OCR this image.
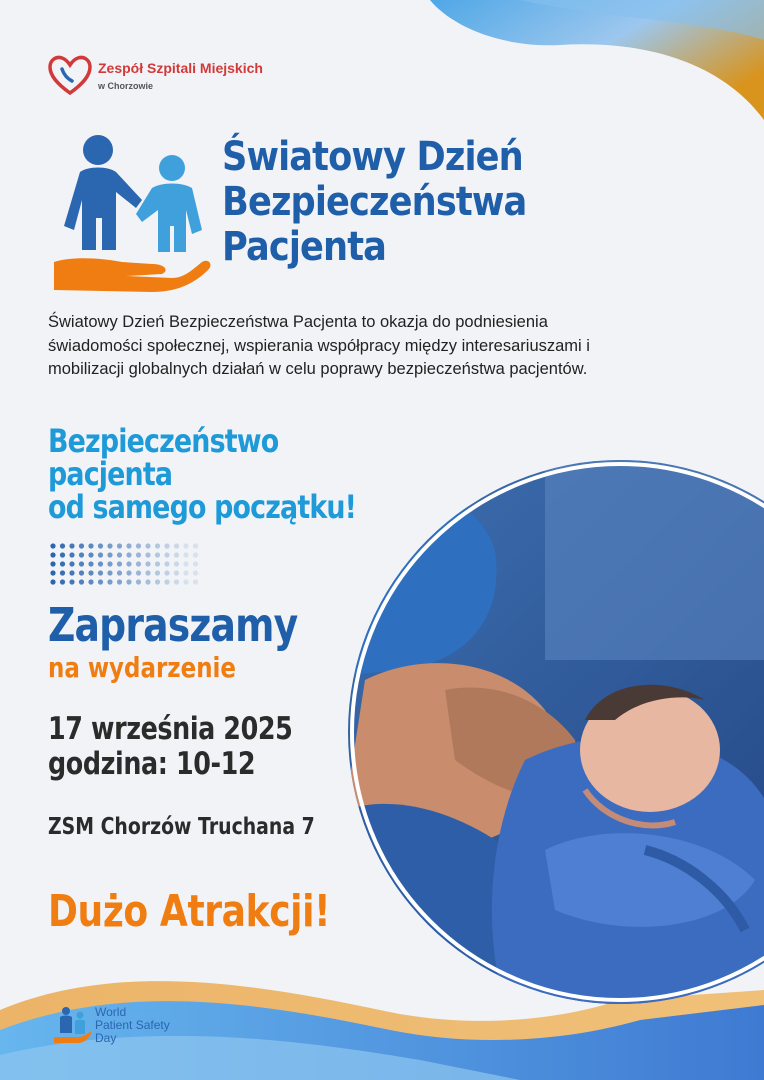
Zespół Szpitali Miejskich
w Chorzowie
Światowy Dzień
Bezpieczeństwa
Pacjenta

Światowy Dzień Bezpieczeństwa Pacjenta to okazja do podniesienia
świadomości społecznej, wspierania współpracy między interesariuszami i
mobilizacji globalnych działań w celu poprawy bezpieczeństwa pacjentów.

Bezpieczeństwo
pacjenta
od samego początku!
Zapraszamy
na wydarzenie
17 września 2025
godzina: 10-12
ZSM Chorzów Truchana 7
Dużo Atrakcji!

World
Patient Safety
Day
